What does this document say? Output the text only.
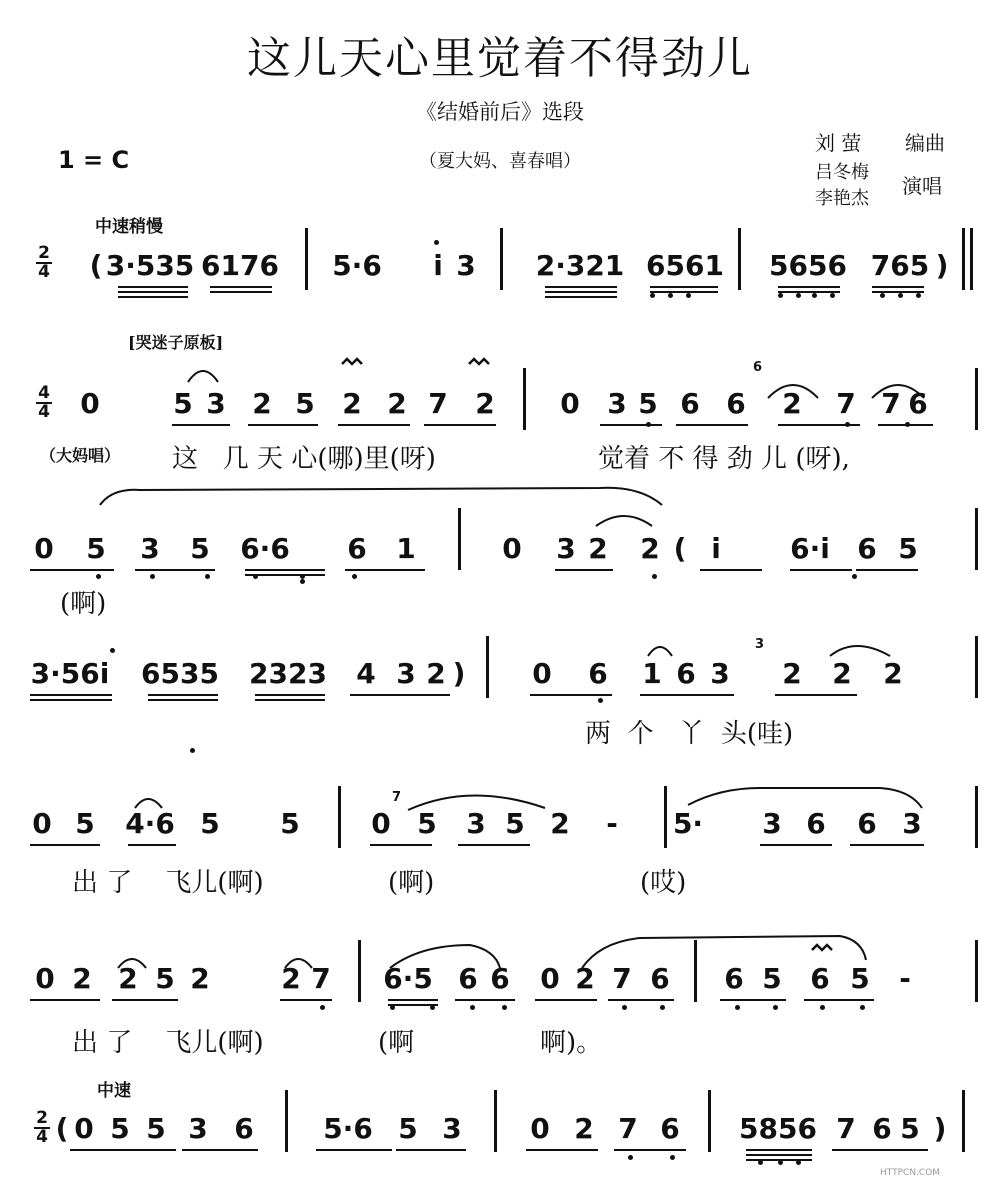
这儿天心里觉着不得劲儿
《结婚前后》选段
（夏大妈、喜春唱）
1 = C
刘 萤 编曲
吕冬梅
李艳杰
演唱
中速稍慢
[哭迷子原板]
（大妈唱）
中速
2
4 ( 3·535 6176 5·6 i 3 2·321 6561 5656 765 )
4
4 0	5 3 2 5 2 2 7 2 0 3 5 6 6 2 7 7 6
0 5 3 5 6·6 6 1	0 3 2 2 ( i 6·i 6 5
3·56i 6535 2323 4 3 2 ) 0 6 1 6 3 2 2 2
0 5 4·6 5 5	0 5 3 5 2 - 5· 3 6 6 3
0 2 2 5 2	2 7 6·5 6 6 0 2 7 6 6 5 6 5 -
2
4 ( 0 5 5 3 6 5·6 5 3 0 2 7 6 5856 7 6 5 )
这   几 天 心(哪)里(呀)	觉着 不 得 劲 儿 (呀),
(啊)
两  个   丫  头(哇)
出 了    飞儿(啊)	(啊)	(哎)
出 了    飞儿(啊)	(啊	啊)。
HTTPCN.COM
6
3
7
